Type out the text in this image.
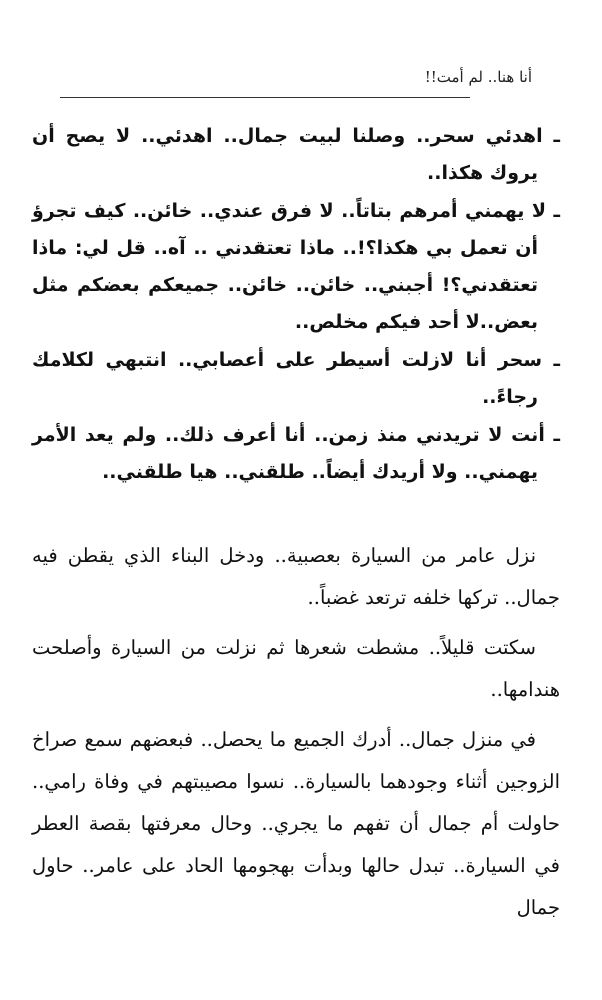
أنا هنا.. لم أمت!!
ـ اهدئي سحر.. وصلنا لبيت جمال.. اهدئي.. لا يصح أن يروك هكذا..
ـ لا يهمني أمرهم بتاتاً.. لا فرق عندي.. خائن.. كيف تجرؤ أن تعمل بي هكذا؟!.. ماذا تعتقدني .. آه.. قل لي: ماذا تعتقدني؟! أجبني.. خائن.. خائن.. جميعكم بعضكم مثل بعض..لا أحد فيكم مخلص..
ـ سحر أنا لازلت أسيطر على أعصابي.. انتبهي لكلامك رجاءً..
ـ أنت لا تريدني منذ زمن.. أنا أعرف ذلك.. ولم يعد الأمر يهمني.. ولا أريدك أيضاً.. طلقني.. هيا طلقني..

نزل عامر من السيارة بعصبية.. ودخل البناء الذي يقطن فيه جمال.. تركها خلفه ترتعد غضباً..

سكتت قليلاً.. مشطت شعرها ثم نزلت من السيارة وأصلحت هندامها..

في منزل جمال.. أدرك الجميع ما يحصل.. فبعضهم سمع صراخ الزوجين أثناء وجودهما بالسيارة.. نسوا مصيبتهم في وفاة رامي.. حاولت أم جمال أن تفهم ما يجري.. وحال معرفتها بقصة العطر في السيارة.. تبدل حالها وبدأت بهجومها الحاد على عامر.. حاول جمال
